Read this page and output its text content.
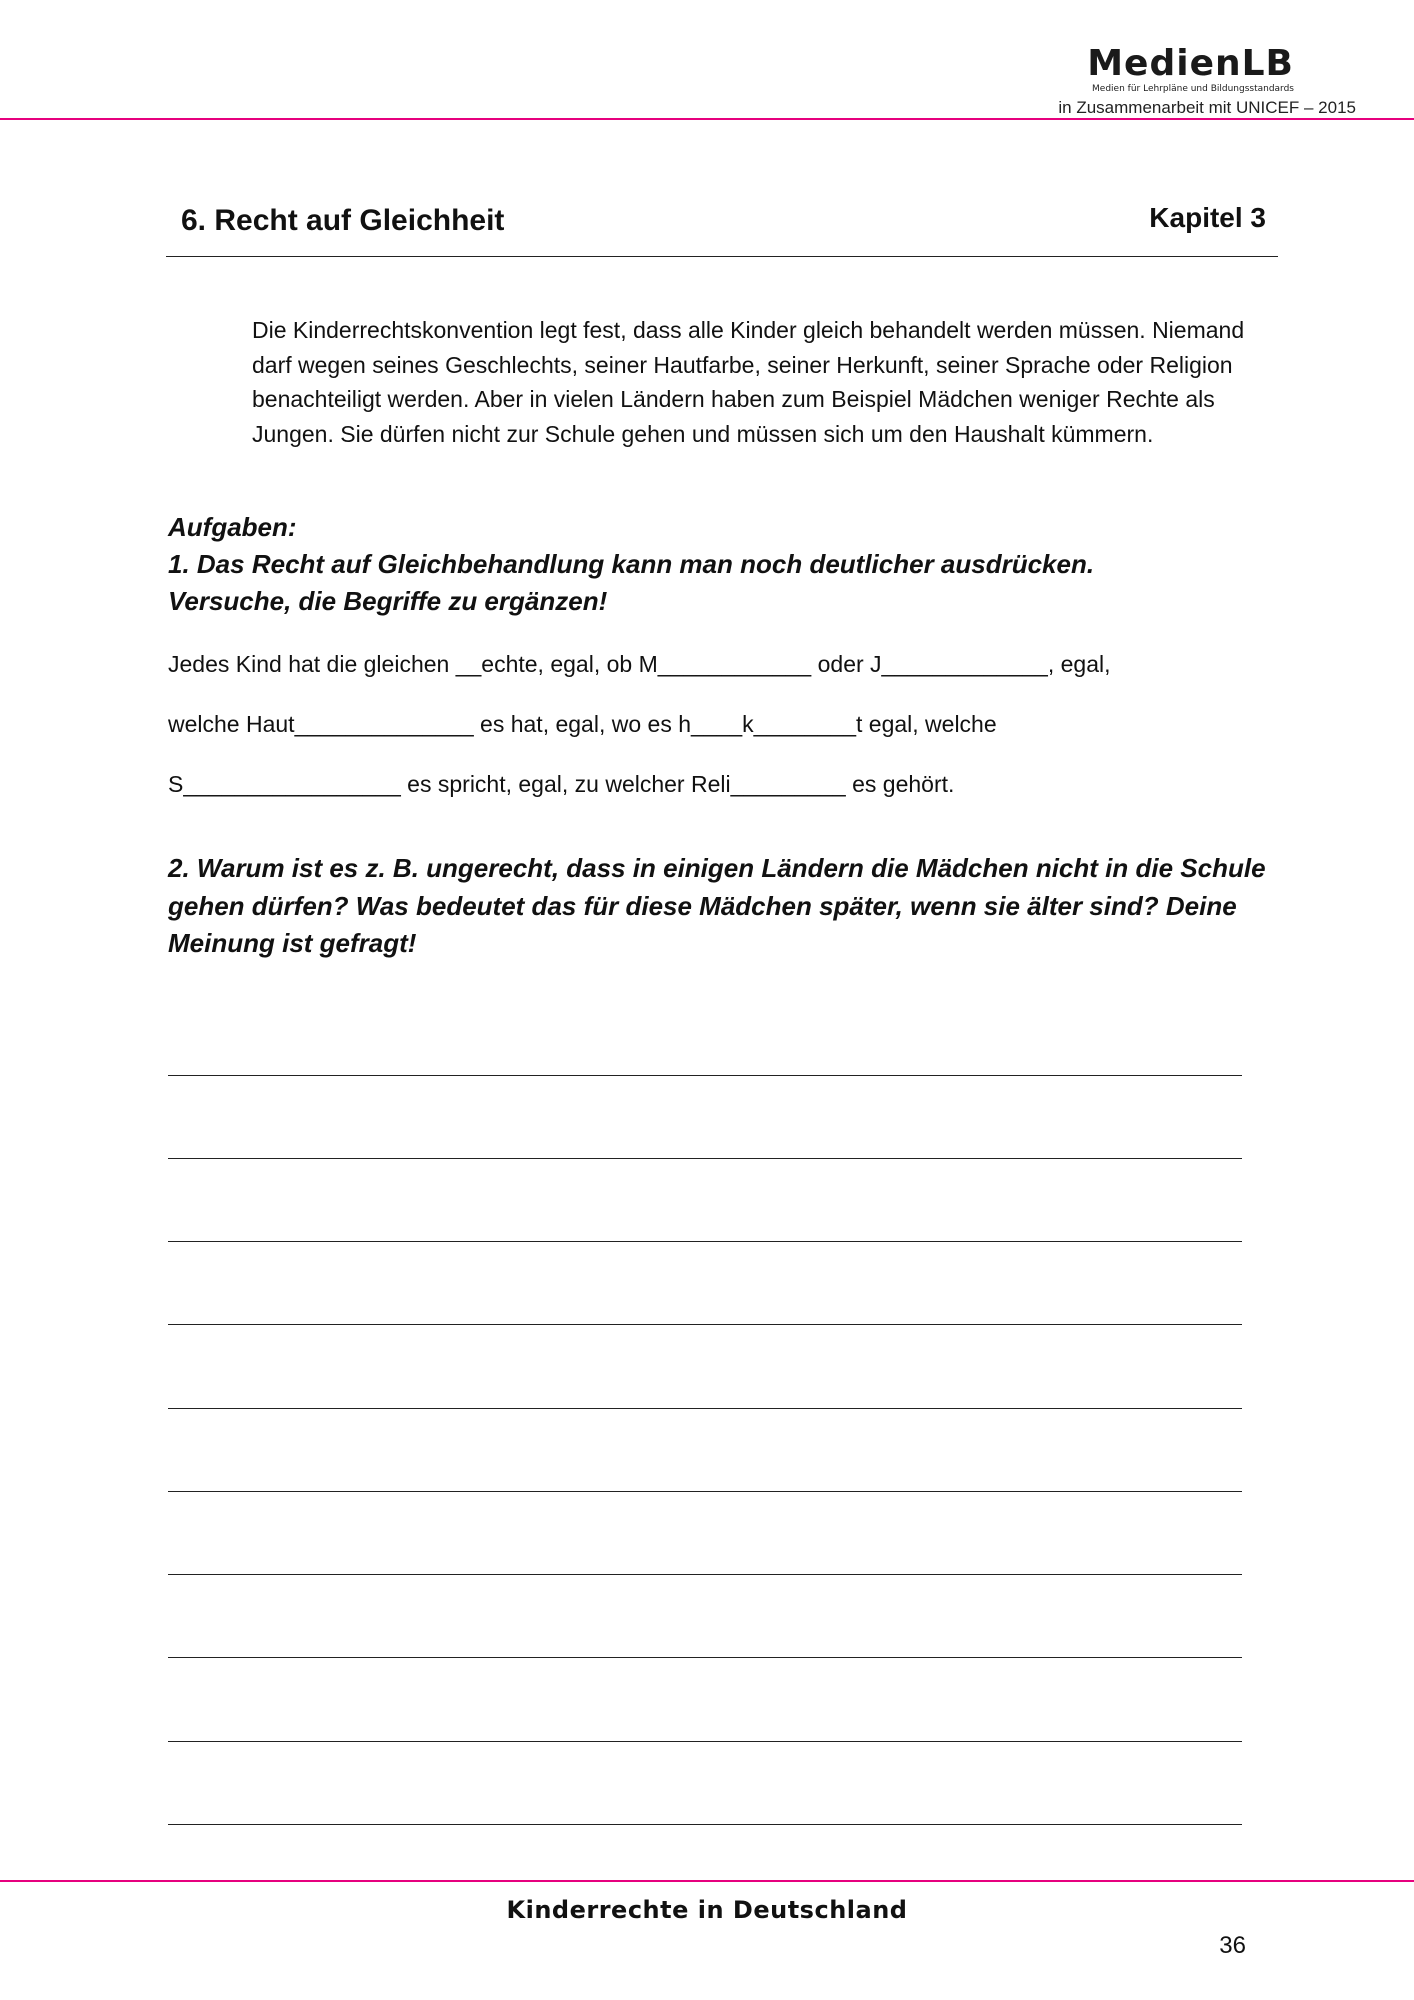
MedienLB
Medien für Lehrpläne und Bildungsstandards
in Zusammenarbeit mit UNICEF – 2015
6. Recht auf Gleichheit	Kapitel 3

Die Kinderrechtskonvention legt fest, dass alle Kinder gleich behandelt werden müssen. Niemand darf wegen seines Geschlechts, seiner Hautfarbe, seiner Herkunft, seiner Sprache oder Religion benachteiligt werden. Aber in vielen Ländern haben zum Beispiel Mädchen weniger Rechte als Jungen. Sie dürfen nicht zur Schule gehen und müssen sich um den Haushalt kümmern.

Aufgaben:
1. Das Recht auf Gleichbehandlung kann man noch deutlicher ausdrücken.
Versuche, die Begriffe zu ergänzen!
Jedes Kind hat die gleichen __echte, egal, ob M____________ oder J_____________, egal,
welche Haut______________ es hat, egal, wo es h____k________t egal, welche
S_________________ es spricht, egal, zu welcher Reli_________ es gehört.

2. Warum ist es z. B. ungerecht, dass in einigen Ländern die Mädchen nicht in die Schule gehen dürfen? Was bedeutet das für diese Mädchen später, wenn sie älter sind? Deine Meinung ist gefragt!

Kinderrechte in Deutschland
36
